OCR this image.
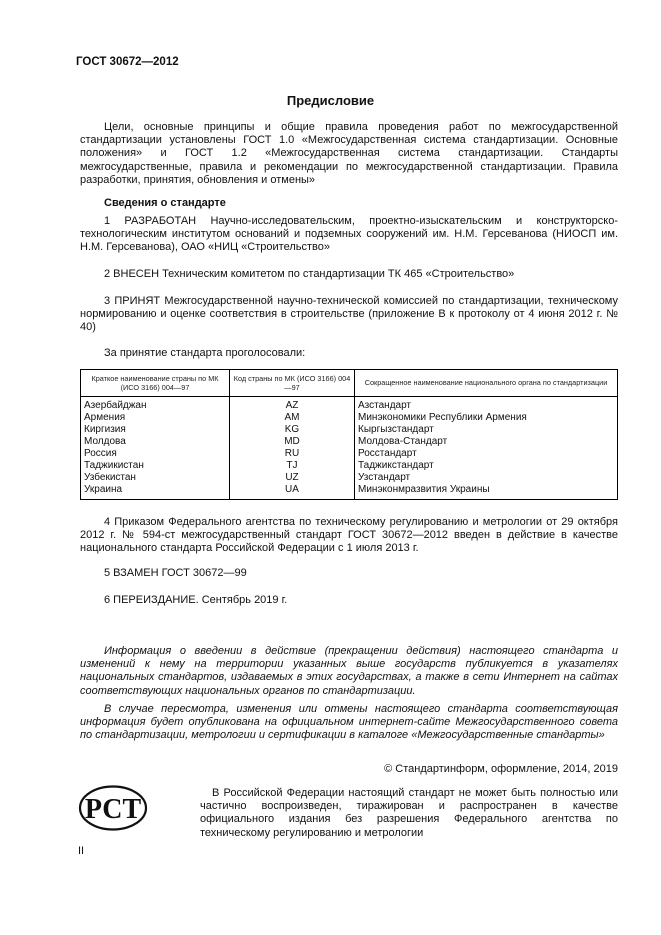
ГОСТ 30672—2012
Предисловие
Цели, основные принципы и общие правила проведения работ по межгосударственной стандартизации установлены ГОСТ 1.0 «Межгосударственная система стандартизации. Основные положения» и ГОСТ 1.2 «Межгосударственная система стандартизации. Стандарты межгосударственные, правила и рекомендации по межгосударственной стандартизации. Правила разработки, принятия, обновления и отмены»
Сведения о стандарте
1 РАЗРАБОТАН Научно-исследовательским, проектно-изыскательским и конструкторско-технологическим институтом оснований и подземных сооружений им. Н.М. Герсеванова (НИОСП им. Н.М. Герсеванова), ОАО «НИЦ «Строительство»
2 ВНЕСЕН Техническим комитетом по стандартизации ТК 465 «Строительство»
3 ПРИНЯТ Межгосударственной научно-технической комиссией по стандартизации, техническому нормированию и оценке соответствия в строительстве (приложение В к протоколу от 4 июня 2012 г. № 40)
За принятие стандарта проголосовали:
Краткое наименование страны по МК (ИСО 3166) 004—97	Код страны по МК (ИСО 3166) 004—97	Сокращенное наименование национального органа по стандартизации
Азербайджан	AZ	Азстандарт
Армения	AM	Минэкономики Республики Армения
Киргизия	KG	Кыргызстандарт
Молдова	MD	Молдова-Стандарт
Россия	RU	Росстандарт
Таджикистан	TJ	Таджикстандарт
Узбекистан	UZ	Узстандарт
Украина	UA	Минэконмразвития Украины
4 Приказом Федерального агентства по техническому регулированию и метрологии от 29 октября 2012 г. № 594-ст межгосударственный стандарт ГОСТ 30672—2012 введен в действие в качестве национального стандарта Российской Федерации с 1 июля 2013 г.
5 ВЗАМЕН ГОСТ 30672—99
6 ПЕРЕИЗДАНИЕ. Сентябрь 2019 г.
Информация о введении в действие (прекращении действия) настоящего стандарта и изменений к нему на территории указанных выше государств публикуется в указателях национальных стандартов, издаваемых в этих государствах, а также в сети Интернет на сайтах соответствующих национальных органов по стандартизации.
В случае пересмотра, изменения или отмены настоящего стандарта соответствующая информация будет опубликована на официальном интернет-сайте Межгосударственного совета по стандартизации, метрологии и сертификации в каталоге «Межгосударственные стандарты»
© Стандартинформ, оформление, 2014, 2019
РСТ
В Российской Федерации настоящий стандарт не может быть полностью или частично воспроизведен, тиражирован и распространен в качестве официального издания без разрешения Федерального агентства по техническому регулированию и метрологии
II
